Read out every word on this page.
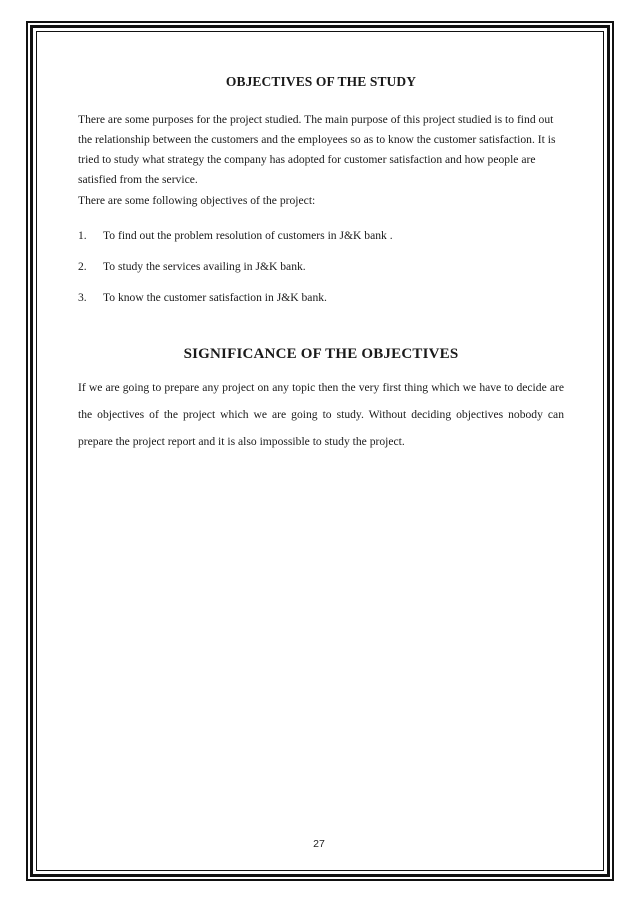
OBJECTIVES OF THE STUDY

There are some purposes for the project studied. The main purpose of this project studied is to find out the relationship between the customers and the employees so as to know the customer satisfaction. It is tried to study what strategy the company has adopted for customer satisfaction and how people are satisfied from the service.

There are some following objectives of the project:

1. To find out the problem resolution of customers in J&K bank .
2. To study the services availing in J&K bank.
3. To know the customer satisfaction in J&K bank.
SIGNIFICANCE OF THE OBJECTIVES

If we are going to prepare any project on any topic then the very first thing which we have to decide are the objectives of the project which we are going to study. Without deciding objectives nobody can prepare the project report and it is also impossible to study the project.

27
